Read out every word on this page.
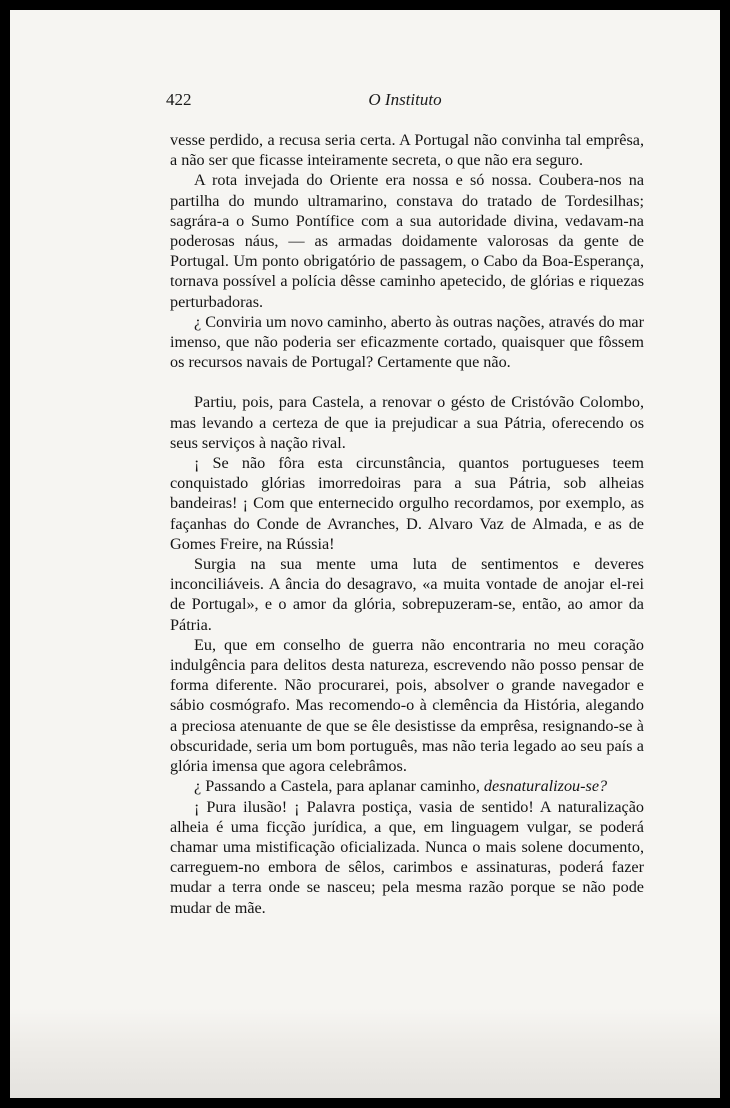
422	O Instituto

vesse perdido, a recusa seria certa. A Portugal não convinha tal emprêsa, a não ser que ficasse inteiramente secreta, o que não era seguro.

A rota invejada do Oriente era nossa e só nossa. Coubera-nos na partilha do mundo ultramarino, constava do tratado de Tordesilhas; sagrára-a o Sumo Pontífice com a sua autoridade divina, vedavam-na poderosas náus, — as armadas doidamente valorosas da gente de Portugal. Um ponto obrigatório de passagem, o Cabo da Boa-Esperança, tornava possível a polícia dêsse caminho apetecido, de glórias e riquezas perturbadoras.

¿ Conviria um novo caminho, aberto às outras nações, através do mar imenso, que não poderia ser eficazmente cortado, quaisquer que fôssem os recursos navais de Portugal? Certamente que não.

Partiu, pois, para Castela, a renovar o gésto de Cristóvão Colombo, mas levando a certeza de que ia prejudicar a sua Pátria, oferecendo os seus serviços à nação rival.

¡ Se não fôra esta circunstância, quantos portugueses teem conquistado glórias imorredoiras para a sua Pátria, sob alheias bandeiras! ¡ Com que enternecido orgulho recordamos, por exemplo, as façanhas do Conde de Avranches, D. Alvaro Vaz de Almada, e as de Gomes Freire, na Rússia!

Surgia na sua mente uma luta de sentimentos e deveres inconciliáveis. A ância do desagravo, «a muita vontade de anojar el-rei de Portugal», e o amor da glória, sobrepuzeram-se, então, ao amor da Pátria.

Eu, que em conselho de guerra não encontraria no meu coração indulgência para delitos desta natureza, escrevendo não posso pensar de forma diferente. Não procurarei, pois, absolver o grande navegador e sábio cosmógrafo. Mas recomendo-o à clemência da História, alegando a preciosa atenuante de que se êle desistisse da emprêsa, resignando-se à obscuridade, seria um bom português, mas não teria legado ao seu país a glória imensa que agora celebrâmos.

¿ Passando a Castela, para aplanar caminho, desnaturalizou-se?

¡ Pura ilusão! ¡ Palavra postiça, vasia de sentido! A naturalização alheia é uma ficção jurídica, a que, em linguagem vulgar, se poderá chamar uma mistificação oficializada. Nunca o mais solene documento, carreguem-no embora de sêlos, carimbos e assinaturas, poderá fazer mudar a terra onde se nasceu; pela mesma razão porque se não pode mudar de mãe.
